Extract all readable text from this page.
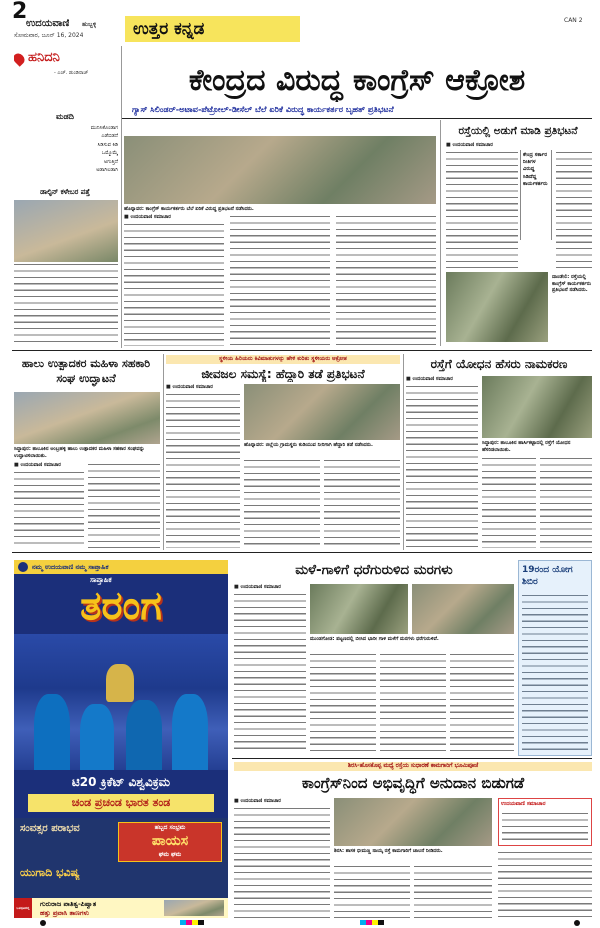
2
ಉದಯವಾಣಿ ಹುಬ್ಬಳ್ಳಿ
ಸೋಮವಾರ, ಜೂನ್ 16, 2024	ಉತ್ತರ ಕನ್ನಡ	CAN 2
ಹನಿದನಿ
- ಎಚ್. ಡುಂಡಿರಾಜ್
ಮಡದಿ
ಮುನಿಸಿಕೊಂಡಾಗ
ಎಡೆಬಿಡದೆ
ಸಿಡಿಸುವ ಕಿಡಿ
ಒಮ್ಮೊಮ್ಮೆ
ಅಗುತ್ತಿದೆ
ಅಡಾಗಿಲಡಾಗಿ
ಡಾಲ್ಫಿನ್ ಕಳೇಬರ ಪತ್ತೆ
ಕೇಂದ್ರದ ವಿರುದ್ಧ ಕಾಂಗ್ರೆಸ್ ಆಕ್ರೋಶ
ಗ್ಯಾಸ್ ಸಿಲಿಂಡರ್-ಅಟಾವ-ಪೆಟ್ರೋಲ್-ಡೀಸೆಲ್ ಬೆಲೆ ಏರಿಕೆ ವಿರುದ್ಧ ಕಾರ್ಯಕರ್ತರ ಬೃಹತ್ ಪ್ರತಿಭಟನೆ
ಹೊನ್ನಾವರ: ಕಾಂಗ್ರೆಸ್ ಕಾರ್ಯಕರ್ತರು ಬೆಲೆ ಏರಿಕೆ ವಿರುದ್ಧ ಪ್ರತಿಭಟನೆ ನಡೆಸಿದರು.
■ ಉದಯವಾಣಿ ಸಮಾಚಾರ
ರಸ್ತೆಯಲ್ಲಿ ಅಡುಗೆ ಮಾಡಿ ಪ್ರತಿಭಟನೆ
■ ಉದಯವಾಣಿ ಸಮಾಚಾರ
ಕೇಂದ್ರ ಸರ್ಕಾರ ನೀತಿಗಳ ವಿರುದ್ಧ ಸಿಡಿದೆದ್ದ ಕಾರ್ಯಕರ್ತರು
ದಾಂಡೇಲಿ: ರಸ್ತೆಯಲ್ಲಿ ಕಾಂಗ್ರೆಸ್ ಕಾರ್ಯಕರ್ತರು ಪ್ರತಿಭಟನೆ ನಡೆಸಿದರು.
ಹಾಲು ಉತ್ಪಾದಕರ ಮಹಿಳಾ ಸಹಕಾರಿ ಸಂಘ ಉದ್ಘಾಟನೆ
ಸಿದ್ದಾಪುರ: ತಾಲೂಕಿನ ಅಂಬ್ರಹಳ್ಳಿ ಹಾಲು ಉತ್ಪಾದಕರ ಮಹಿಳಾ ಸಹಕಾರ ಸಂಘವನ್ನು ಉದ್ಘಾಟಿಸಲಾಯಿತು.
■ ಉದಯವಾಣಿ ಸಮಾಚಾರ
ಸ್ಥಳೀಯ ಹಿರಿಯರು ಕಿವಿಮಾತುಗಳನ್ನು ಹೇಳಿ ಕುರಿತು ಸ್ಥಳೀಯರು ಆಕ್ರೋಶ
ಜೀವಜಲ ಸಮಸ್ಯೆ: ಹೆದ್ದಾರಿ ತಡೆ ಪ್ರತಿಭಟನೆ
■ ಉದಯವಾಣಿ ಸಮಾಚಾರ
ಹೊನ್ನಾವರ: ಜಿಲ್ಲೆಯ ಗ್ರಾಮಸ್ಥರು ಕುಡಿಯುವ ನೀರಿಗಾಗಿ ಹೆದ್ದಾರಿ ತಡೆ ನಡೆಸಿದರು.
ರಸ್ತೆಗೆ ಯೋಧನ ಹೆಸರು ನಾಮಕರಣ
■ ಉದಯವಾಣಿ ಸಮಾಚಾರ
ಸಿದ್ದಾಪುರ: ತಾಲೂಕಿನ ಹಾರ್ಸಿಕಟ್ಟಾದಲ್ಲಿ ರಸ್ತೆಗೆ ಯೋಧನ ಹೆಸರಿಡಲಾಯಿತು.
ನಮ್ಮ ಉದಯವಾಣಿ ನಮ್ಮ ಸಾಪ್ತಾಹಿಕ
ಸಾಪ್ತಾಹಿಕ
ತರಂಗ
ಟಿ20 ಕ್ರಿಕೆಟ್ ವಿಶ್ವವಿಕ್ರಮ
ಚಂಡ ಪ್ರಚಂಡ ಭಾರತ ತಂಡ
ಸಂವತ್ಸರ ಪರಾಭವ
ಯುಗಾದಿ ಭವಿಷ್ಯ
ಹಬ್ಬದ ಸಂಭ್ರಮ
ಪಾಯಸ
ಘಮ ಘಮ
ಒಳಪುಟದಲ್ಲಿ	ಗುರುರಾಜ ಪಾತಿತ್ವ-ಪಿಷ್ವಾತ
ಹತ್ತು ಪ್ರವಾಸಿ ತಾಣಗಳು
ಮಳೆ-ಗಾಳಿಗೆ ಧರೆಗುರುಳಿದ ಮರಗಳು
■ ಉದಯವಾಣಿ ಸಮಾಚಾರ
ಮುಂಡಗೋಡ: ಪಟ್ಟಣದಲ್ಲಿ ಬೀಸಿದ ಭಾರೀ ಗಾಳಿ ಮಳೆಗೆ ಮರಗಳು ಧರೆಗುರುಳಿವೆ.
19ರಂದ ಯೋಗ ಶಿಬಿರ
ಶಿರಸಿ-ಹೊಸಕೊಪ್ಪ ಮಧ್ಯೆ ರಸ್ತೆಯ ಸುಧಾರಣೆ ಕಾಮಗಾರಿಗೆ ಭೂಮಿಪೂಜೆ
ಕಾಂಗ್ರೆಸ್‌ನಿಂದ ಅಭಿವೃದ್ಧಿಗೆ ಅನುದಾನ ಬಿಡುಗಡೆ
■ ಉದಯವಾಣಿ ಸಮಾಚಾರ
ಶಿರಸಿ: ಶಾಸಕ ಭೀಮಣ್ಣ ನಾಯ್ಕ ರಸ್ತೆ ಕಾಮಗಾರಿಗೆ ಚಾಲನೆ ನೀಡಿದರು.
ಉದಯವಾಣಿ ಸಮಾಚಾರ
